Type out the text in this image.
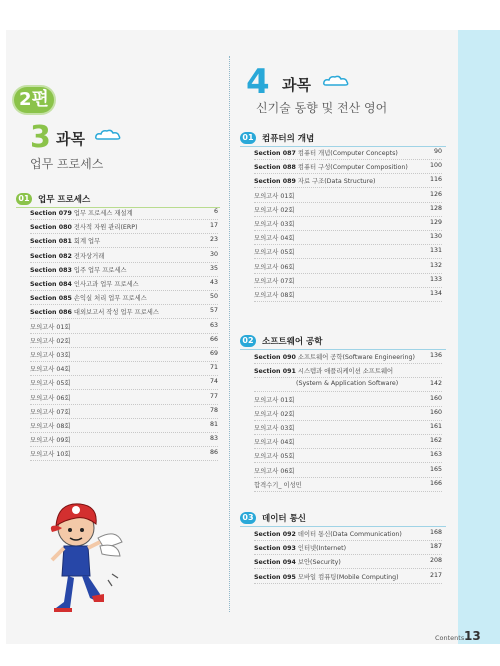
2편
3 과목
업무 프로세스
01 업무 프로세스
Section 079 업무 프로세스 재설계	6
Section 080 전사적 자원 관리(ERP)	17
Section 081 회계 업무	23
Section 082 전자상거래	30
Section 083 입주 업무 프로세스	35
Section 084 인사고과 업무 프로세스	43
Section 085 손익실 처리 업무 프로세스	50
Section 086 대외보고서 작성 업무 프로세스	57
모의고사 01회	63
모의고사 02회	66
모의고사 03회	69
모의고사 04회	71
모의고사 05회	74
모의고사 06회	77
모의고사 07회	78
모의고사 08회	81
모의고사 09회	83
모의고사 10회	86
4 과목
신기술 동향 및 전산 영어
01 컴퓨터의 개념
Section 087 컴퓨터 개념(Computer Concepts)	90
Section 088 컴퓨터 구성(Computer Composition)	100
Section 089 자료 구조(Data Structure)	116
모의고사 01회	126
모의고사 02회	128
모의고사 03회	129
모의고사 04회	130
모의고사 05회	131
모의고사 06회	132
모의고사 07회	133
모의고사 08회	134
02 소프트웨어 공학
Section 090 소프트웨어 공학(Software Engineering) 136
Section 091 시스템과 애플리케이션 소프트웨어
(System & Application Software)	142
모의고사 01회	160
모의고사 02회	160
모의고사 03회	161
모의고사 04회	162
모의고사 05회	163
모의고사 06회	165
합격수기_ 이성민	166
03 데이터 통신
Section 092 데이터 통신(Data Communication)	168
Section 093 인터넷(Internet)	187
Section 094 보안(Security)	208
Section 095 모바일 컴퓨팅(Mobile Computing)	217
Contents 13
